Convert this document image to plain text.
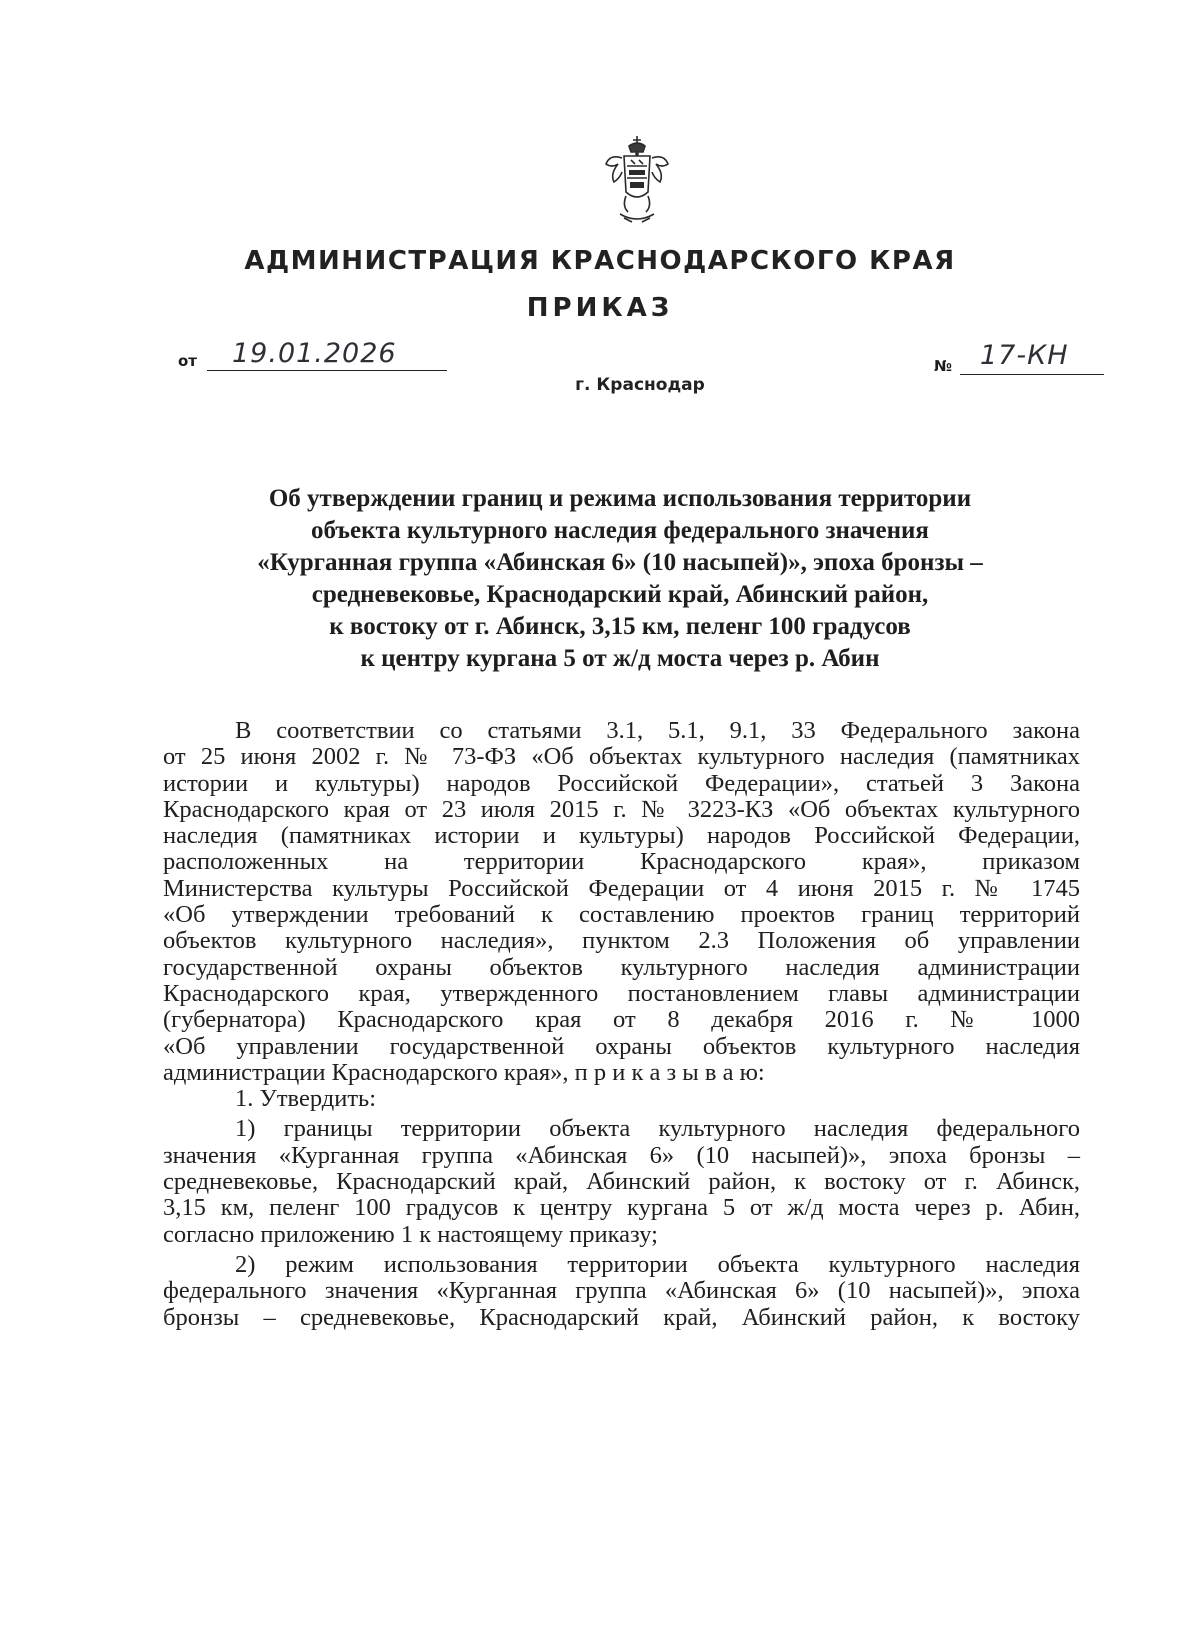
АДМИНИСТРАЦИЯ КРАСНОДАРСКОГО КРАЯ
ПРИКАЗ
от 19.01.2026
г. Краснодар
№ 17-КН
Об утверждении границ и режима использования территории
объекта культурного наследия федерального значения
«Курганная группа «Абинская 6» (10 насыпей)», эпоха бронзы –
средневековье, Краснодарский край, Абинский район,
к востоку от г. Абинск, 3,15 км, пеленг 100 градусов
к центру кургана 5 от ж/д моста через р. Абин
В соответствии со статьями 3.1, 5.1, 9.1, 33 Федерального закона
от 25 июня 2002 г. № 73-ФЗ «Об объектах культурного наследия (памятниках
истории и культуры) народов Российской Федерации», статьей 3 Закона
Краснодарского края от 23 июля 2015 г. № 3223-КЗ «Об объектах культурного
наследия (памятниках истории и культуры) народов Российской Федерации,
расположенных на территории Краснодарского края», приказом
Министерства культуры Российской Федерации от 4 июня 2015 г. № 1745
«Об утверждении требований к составлению проектов границ территорий
объектов культурного наследия», пунктом 2.3 Положения об управлении
государственной охраны объектов культурного наследия администрации
Краснодарского края, утвержденного постановлением главы администрации
(губернатора) Краснодарского края от 8 декабря 2016 г. № 1000
«Об управлении государственной охраны объектов культурного наследия
администрации Краснодарского края», п р и к а з ы в а ю:
1. Утвердить:
1) границы территории объекта культурного наследия федерального
значения «Курганная группа «Абинская 6» (10 насыпей)», эпоха бронзы –
средневековье, Краснодарский край, Абинский район, к востоку от г. Абинск,
3,15 км, пеленг 100 градусов к центру кургана 5 от ж/д моста через р. Абин,
согласно приложению 1 к настоящему приказу;
2) режим использования территории объекта культурного наследия
федерального значения «Курганная группа «Абинская 6» (10 насыпей)», эпоха
бронзы – средневековье, Краснодарский край, Абинский район, к востоку
